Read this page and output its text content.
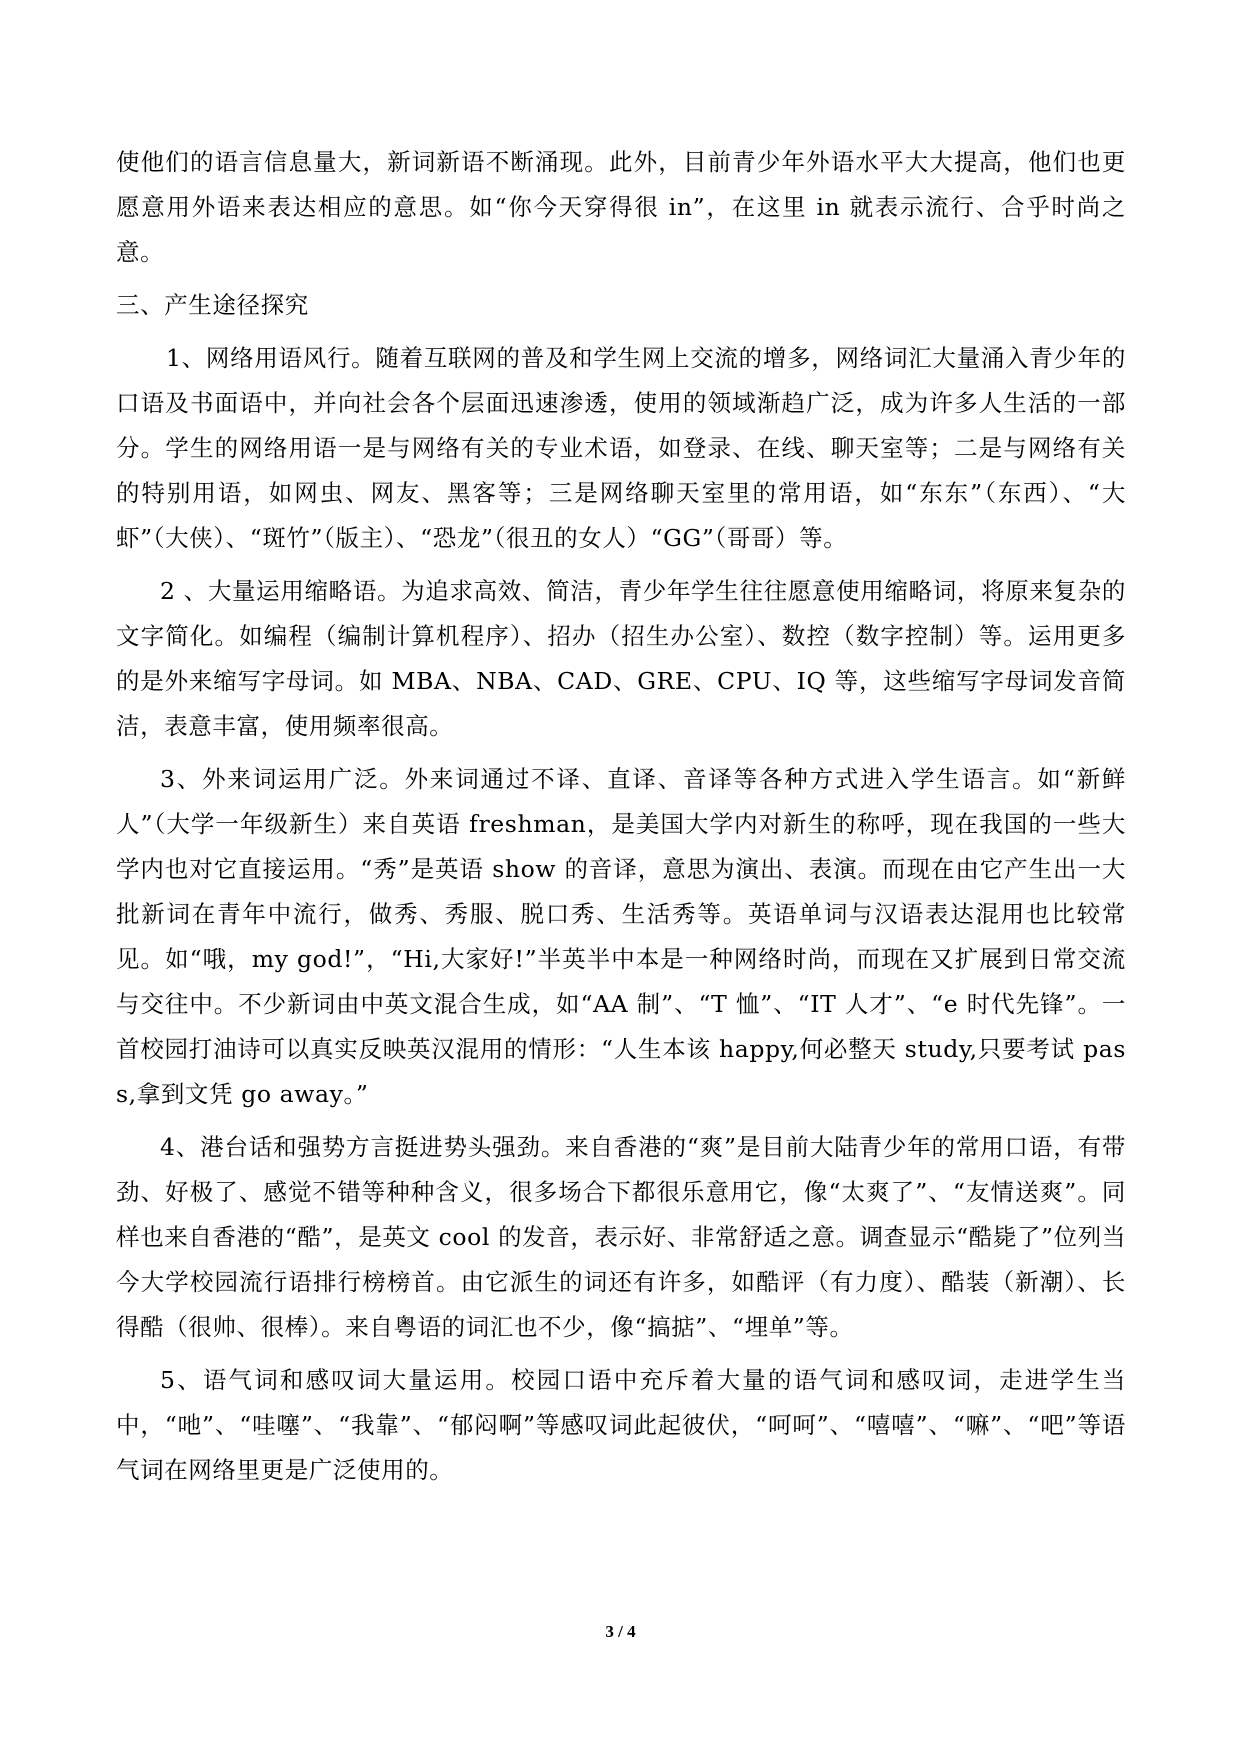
使他们的语言信息量大，新词新语不断涌现。此外，目前青少年外语水平大大提高，他们也更愿意用外语来表达相应的意思。如“你今天穿得很 in”，在这里 in 就表示流行、合乎时尚之意。

三、产生途径探究

1、网络用语风行。随着互联网的普及和学生网上交流的增多，网络词汇大量涌入青少年的口语及书面语中，并向社会各个层面迅速渗透，使用的领域渐趋广泛，成为许多人生活的一部分。学生的网络用语一是与网络有关的专业术语，如登录、在线、聊天室等；二是与网络有关的特别用语，如网虫、网友、黑客等；三是网络聊天室里的常用语，如“东东”（东西）、“大虾”（大侠）、“斑竹”（版主）、“恐龙”（很丑的女人）“GG”（哥哥）等。

2 、大量运用缩略语。为追求高效、简洁，青少年学生往往愿意使用缩略词，将原来复杂的文字简化。如编程（编制计算机程序）、招办（招生办公室）、数控（数字控制）等。运用更多的是外来缩写字母词。如 MBA、NBA、CAD、GRE、CPU、IQ 等，这些缩写字母词发音简洁，表意丰富，使用频率很高。

3、外来词运用广泛。外来词通过不译、直译、音译等各种方式进入学生语言。如“新鲜人”（大学一年级新生）来自英语 freshman，是美国大学内对新生的称呼，现在我国的一些大学内也对它直接运用。“秀”是英语 show 的音译，意思为演出、表演。而现在由它产生出一大批新词在青年中流行，做秀、秀服、脱口秀、生活秀等。英语单词与汉语表达混用也比较常见。如“哦，my god!”，“Hi,大家好!”半英半中本是一种网络时尚，而现在又扩展到日常交流与交往中。不少新词由中英文混合生成，如“AA 制”、“T 恤”、“IT 人才”、“e 时代先锋”。一首校园打油诗可以真实反映英汉混用的情形：“人生本该 happy,何必整天 study,只要考试 pass,拿到文凭 go away。”

4、港台话和强势方言挺进势头强劲。来自香港的“爽”是目前大陆青少年的常用口语，有带劲、好极了、感觉不错等种种含义，很多场合下都很乐意用它，像“太爽了”、“友情送爽”。同样也来自香港的“酷”，是英文 cool 的发音，表示好、非常舒适之意。调查显示“酷毙了”位列当今大学校园流行语排行榜榜首。由它派生的词还有许多，如酷评（有力度）、酷装（新潮）、长得酷（很帅、很棒）。来自粤语的词汇也不少，像“搞掂”、“埋单”等。

5、语气词和感叹词大量运用。校园口语中充斥着大量的语气词和感叹词，走进学生当中，“吔”、“哇噻”、“我靠”、“郁闷啊”等感叹词此起彼伏，“呵呵”、“嘻嘻”、“嘛”、“吧”等语气词在网络里更是广泛使用的。

3 / 4
